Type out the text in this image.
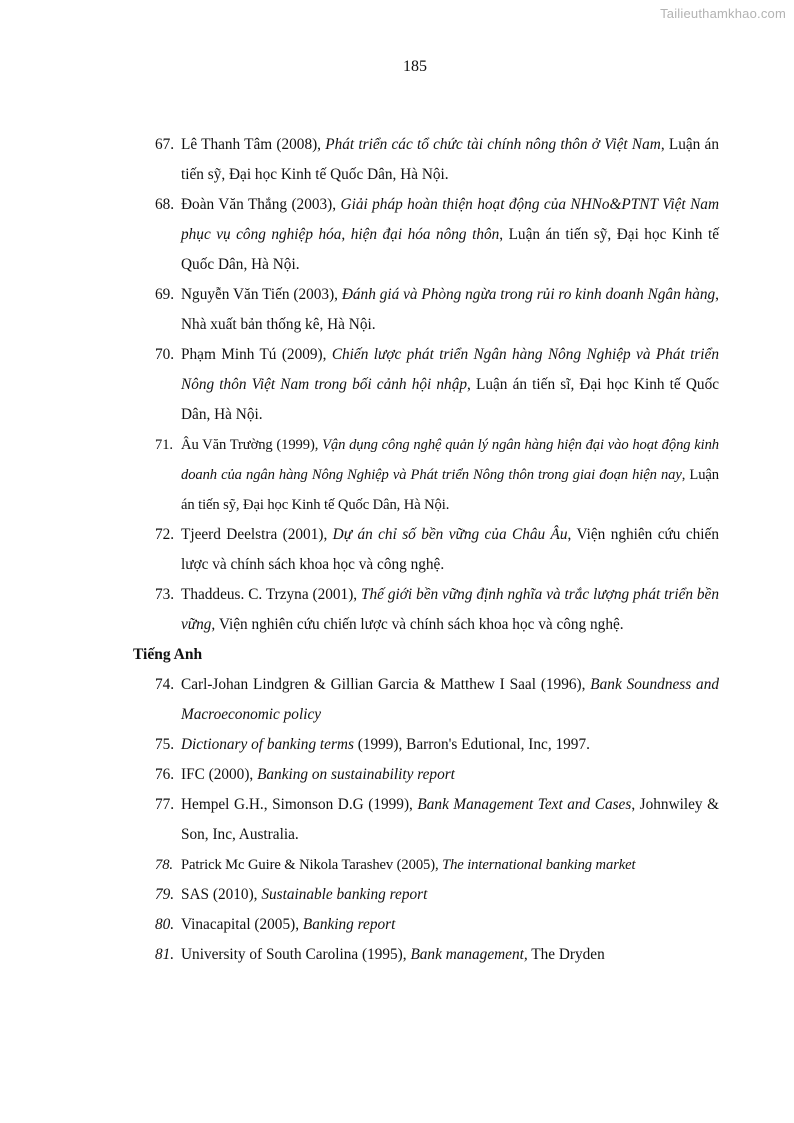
Tailieuthamkhao.com
185

67. Lê Thanh Tâm (2008), Phát triển các tổ chức tài chính nông thôn ở Việt Nam, Luận án tiến sỹ, Đại học Kinh tế Quốc Dân, Hà Nội.

68. Đoàn Văn Thắng (2003), Giải pháp hoàn thiện hoạt động của NHNo&PTNT Việt Nam phục vụ công nghiệp hóa, hiện đại hóa nông thôn, Luận án tiến sỹ, Đại học Kinh tế Quốc Dân, Hà Nội.

69. Nguyễn Văn Tiến (2003), Đánh giá và Phòng ngừa trong rủi ro kinh doanh Ngân hàng, Nhà xuất bản thống kê, Hà Nội.

70. Phạm Minh Tú (2009), Chiến lược phát triển Ngân hàng Nông Nghiệp và Phát triển Nông thôn Việt Nam trong bối cảnh hội nhập, Luận án tiến sĩ, Đại học Kinh tế Quốc Dân, Hà Nội.

71. Âu Văn Trường (1999), Vận dụng công nghệ quản lý ngân hàng hiện đại vào hoạt động kinh doanh của ngân hàng Nông Nghiệp và Phát triển Nông thôn trong giai đoạn hiện nay, Luận án tiến sỹ, Đại học Kinh tế Quốc Dân, Hà Nội.

72. Tjeerd Deelstra (2001), Dự án chỉ số bền vững của Châu Âu, Viện nghiên cứu chiến lược và chính sách khoa học và công nghệ.

73. Thaddeus. C. Trzyna (2001), Thế giới bền vững định nghĩa và trắc lượng phát triển bền vững, Viện nghiên cứu chiến lược và chính sách khoa học và công nghệ.

Tiếng Anh

74. Carl-Johan Lindgren & Gillian Garcia & Matthew I Saal (1996), Bank Soundness and Macroeconomic policy

75. Dictionary of banking terms (1999), Barron's Edutional, Inc, 1997.

76. IFC (2000), Banking on sustainability report

77. Hempel G.H., Simonson D.G (1999), Bank Management Text and Cases, Johnwiley & Son, Inc, Australia.

78. Patrick Mc Guire & Nikola Tarashev (2005), The international banking market

79. SAS (2010), Sustainable banking report

80. Vinacapital (2005), Banking report

81. University of South Carolina (1995), Bank management, The Dryden
